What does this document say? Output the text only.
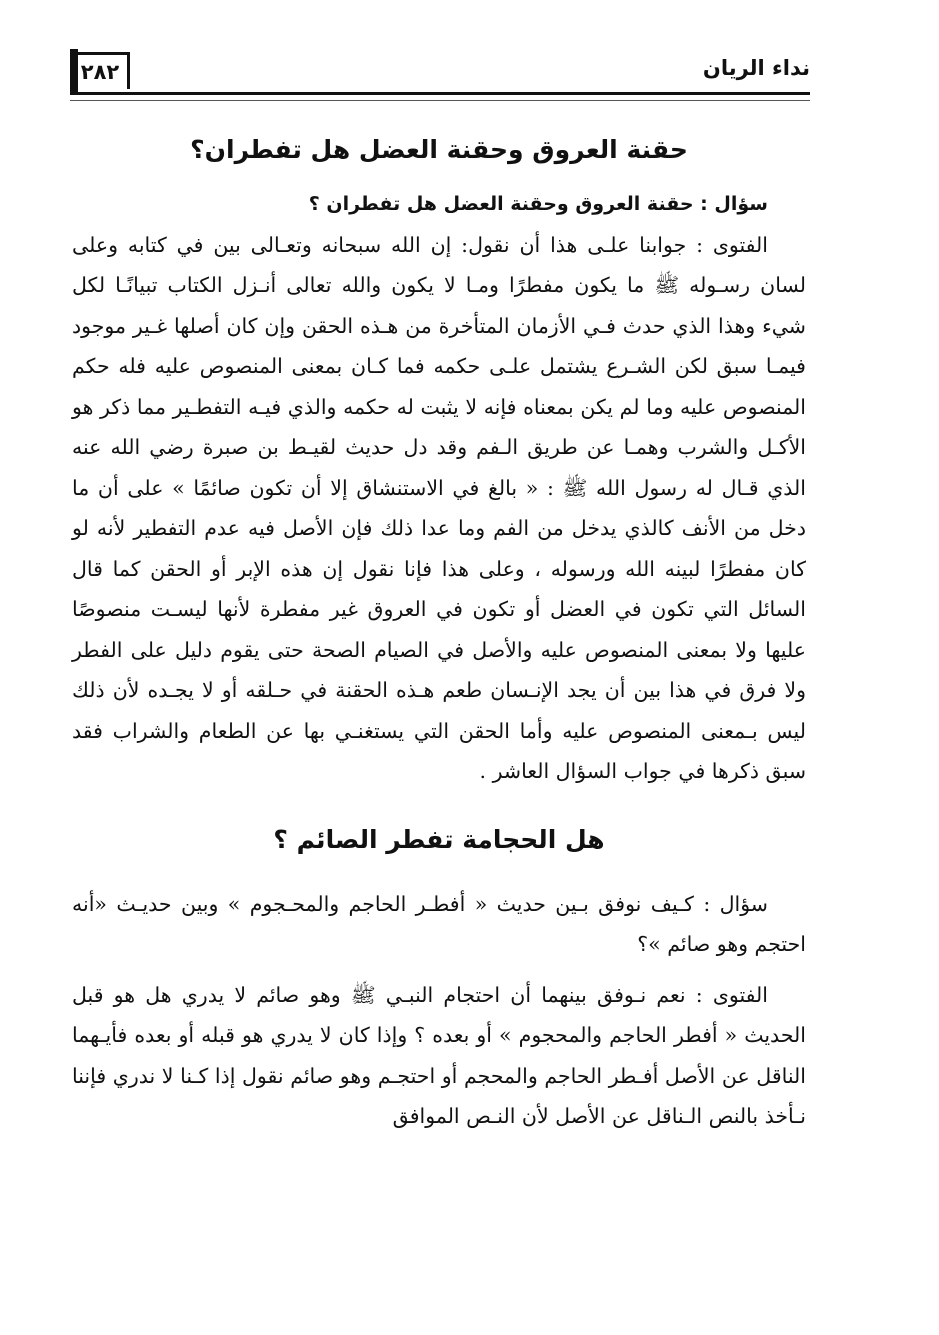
نداء الريان
٢٨٢
حقنة العروق وحقنة العضل هل تفطران؟

سؤال : حقنة العروق وحقنة العضل هل تفطران ؟

الفتوى : جوابنا علـى هذا أن نقول: إن الله سبحانه وتعـالى بين في كتابه وعلى لسان رسـوله ﷺ ما يكون مفطرًا ومـا لا يكون والله تعالى أنـزل الكتاب تبيانًـا لكل شيء وهذا الذي حدث فـي الأزمان المتأخرة من هـذه الحقن وإن كان أصلها غـير موجود فيمـا سبق لكن الشـرع يشتمل علـى حكمه فما كـان بمعنى المنصوص عليه فله حكم المنصوص عليه وما لم يكن بمعناه فإنه لا يثبت له حكمه والذي فيـه التفطـير مما ذكر هو الأكـل والشرب وهمـا عن طريق الـفم وقد دل حديث لقيـط بن صبرة رضي الله عنه الذي قـال له رسول الله ﷺ : « بالغ في الاستنشاق إلا أن تكون صائمًا » على أن ما دخل من الأنف كالذي يدخل من الفم وما عدا ذلك فإن الأصل فيه عدم التفطير لأنه لو كان مفطرًا لبينه الله ورسوله ، وعلى هذا فإنا نقول إن هذه الإبر أو الحقن كما قال السائل التي تكون في العضل أو تكون في العروق غير مفطرة لأنها ليسـت منصوصًا عليها ولا بمعنى المنصوص عليه والأصل في الصيام الصحة حتى يقوم دليل على الفطر ولا فرق في هذا بين أن يجد الإنـسان طعم هـذه الحقنة في حـلقه أو لا يجـده لأن ذلك ليس بـمعنى المنصوص عليه وأما الحقن التي يستغنـي بها عن الطعام والشراب فقد سبق ذكرها في جواب السؤال العاشر .

هل الحجامة تفطر الصائم ؟

سؤال : كـيف نوفق بـين حديث « أفطـر الحاجم والمحـجوم » وبين حديـث «أنه احتجم وهو صائم »؟

الفتوى : نعم نـوفق بينهما أن احتجام النبـي ﷺ وهو صائم لا يدري هل هو قبل الحديث « أفطر الحاجم والمحجوم » أو بعده ؟ وإذا كان لا يدري هو قبله أو بعده فأيـهما الناقل عن الأصل أفـطر الحاجم والمحجم أو احتجـم وهو صائم نقول إذا كـنا لا ندري فإننا نـأخذ بالنص الـناقل عن الأصل لأن النـص الموافق
